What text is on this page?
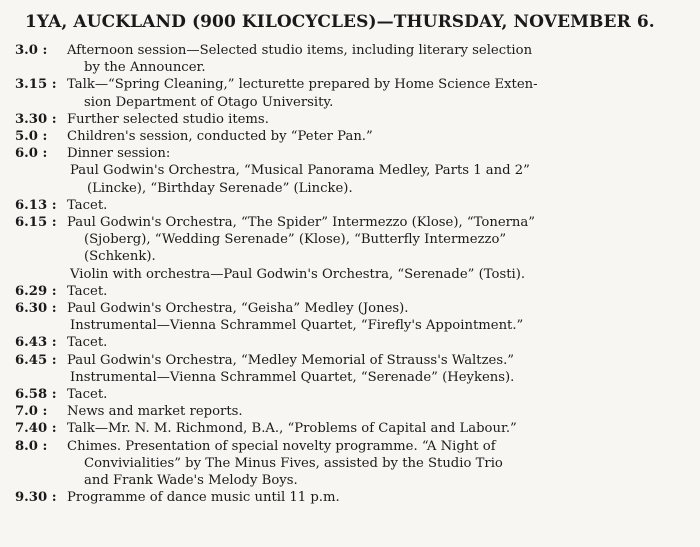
1YA, AUCKLAND (900 KILOCYCLES)—THURSDAY, NOVEMBER 6.
3.0 :	Afternoon session—Selected studio items, including literary selection
by the Announcer.
3.15 : Talk—“Spring Cleaning,” lecturette prepared by Home Science Exten-
sion Department of Otago University.
3.30 : Further selected studio items.
5.0 :	Children's session, conducted by “Peter Pan.”
6.0 :	Dinner session:
Paul Godwin's Orchestra, “Musical Panorama Medley, Parts 1 and 2”
(Lincke), “Birthday Serenade” (Lincke).
6.13 : Tacet.
6.15 : Paul Godwin's Orchestra, “The Spider” Intermezzo (Klose), “Tonerna”
(Sjoberg), “Wedding Serenade” (Klose), “Butterfly Intermezzo”
(Schkenk).
Violin with orchestra—Paul Godwin's Orchestra, “Serenade” (Tosti).
6.29 : Tacet.
6.30 : Paul Godwin's Orchestra, “Geisha” Medley (Jones).
Instrumental—Vienna Schrammel Quartet, “Firefly's Appointment.”
6.43 : Tacet.
6.45 : Paul Godwin's Orchestra, “Medley Memorial of Strauss's Waltzes.”
Instrumental—Vienna Schrammel Quartet, “Serenade” (Heykens).
6.58 : Tacet.
7.0 :	News and market reports.
7.40 : Talk—Mr. N. M. Richmond, B.A., “Problems of Capital and Labour.”
8.0 :	Chimes. Presentation of special novelty programme. “A Night of
Convivialities” by The Minus Fives, assisted by the Studio Trio
and Frank Wade's Melody Boys.
9.30 : Programme of dance music until 11 p.m.
